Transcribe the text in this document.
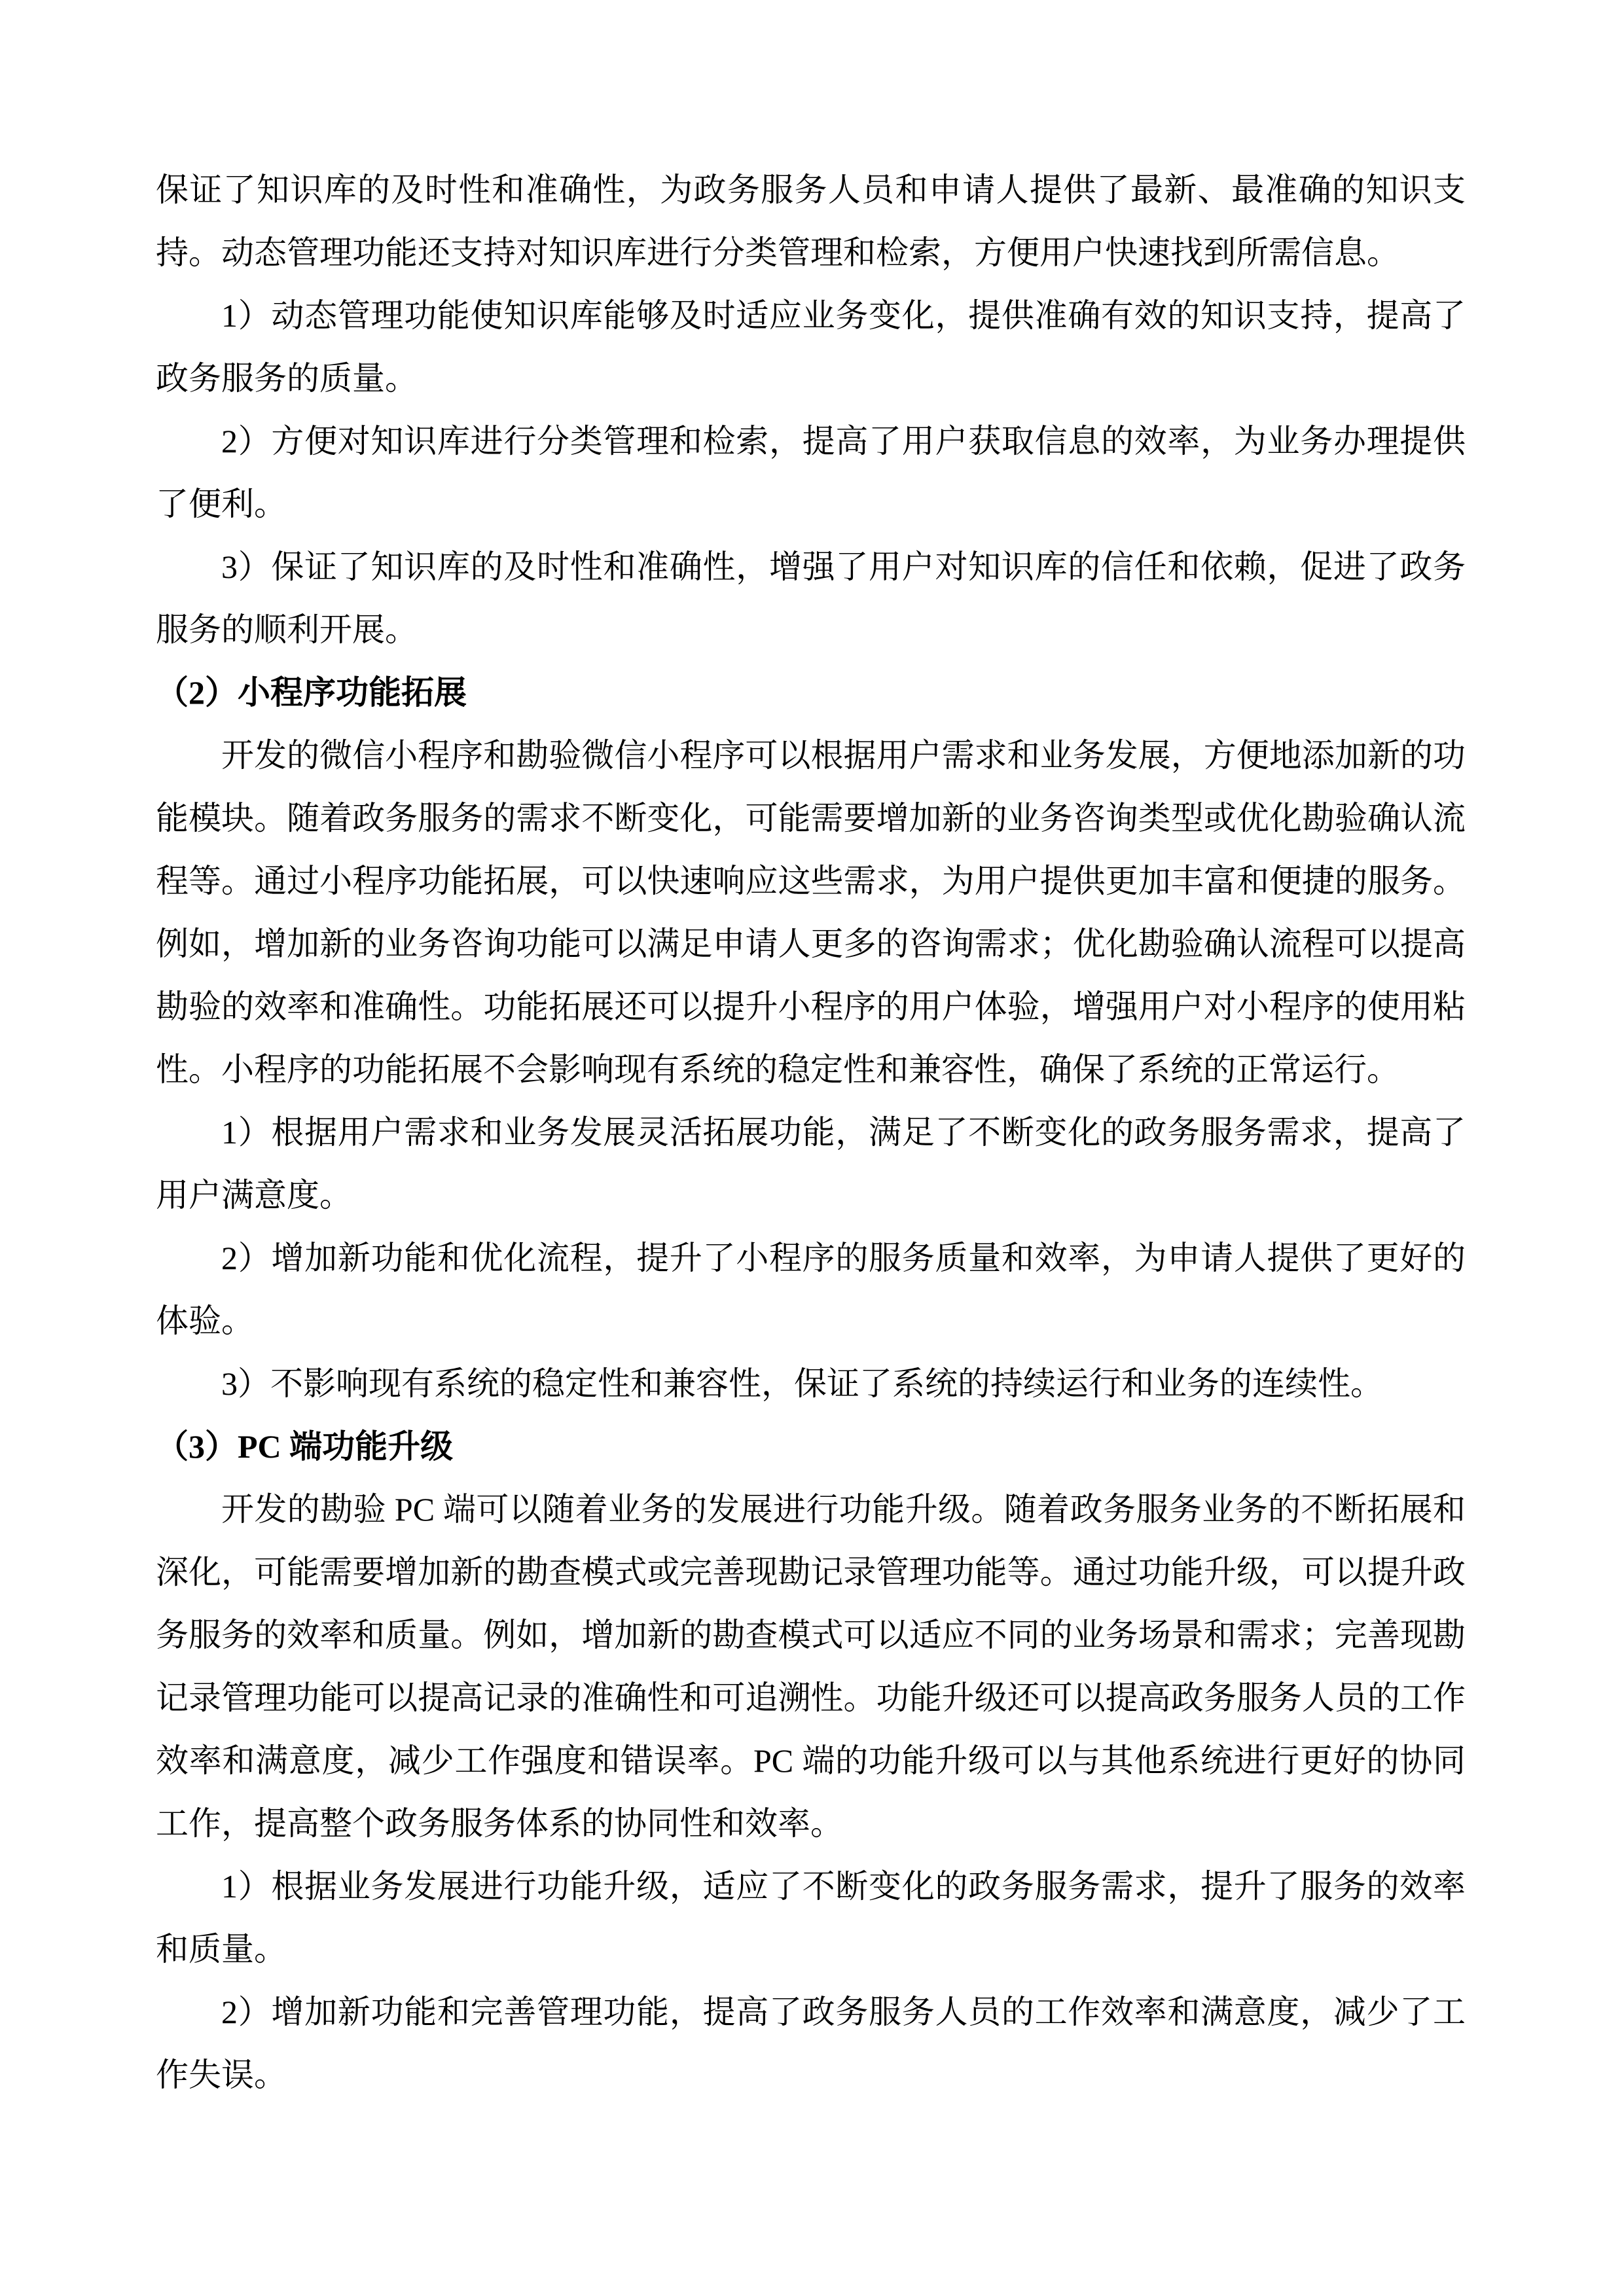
保证了知识库的及时性和准确性，为政务服务人员和申请人提供了最新、最准确的知识支持。动态管理功能还支持对知识库进行分类管理和检索，方便用户快速找到所需信息。

1）动态管理功能使知识库能够及时适应业务变化，提供准确有效的知识支持，提高了政务服务的质量。

2）方便对知识库进行分类管理和检索，提高了用户获取信息的效率，为业务办理提供了便利。

3）保证了知识库的及时性和准确性，增强了用户对知识库的信任和依赖，促进了政务服务的顺利开展。

（2）小程序功能拓展

开发的微信小程序和勘验微信小程序可以根据用户需求和业务发展，方便地添加新的功能模块。随着政务服务的需求不断变化，可能需要增加新的业务咨询类型或优化勘验确认流程等。通过小程序功能拓展，可以快速响应这些需求，为用户提供更加丰富和便捷的服务。例如，增加新的业务咨询功能可以满足申请人更多的咨询需求；优化勘验确认流程可以提高勘验的效率和准确性。功能拓展还可以提升小程序的用户体验，增强用户对小程序的使用粘性。小程序的功能拓展不会影响现有系统的稳定性和兼容性，确保了系统的正常运行。

1）根据用户需求和业务发展灵活拓展功能，满足了不断变化的政务服务需求，提高了用户满意度。

2）增加新功能和优化流程，提升了小程序的服务质量和效率，为申请人提供了更好的体验。

3）不影响现有系统的稳定性和兼容性，保证了系统的持续运行和业务的连续性。

（3）PC 端功能升级

开发的勘验 PC 端可以随着业务的发展进行功能升级。随着政务服务业务的不断拓展和深化，可能需要增加新的勘查模式或完善现勘记录管理功能等。通过功能升级，可以提升政务服务的效率和质量。例如，增加新的勘查模式可以适应不同的业务场景和需求；完善现勘记录管理功能可以提高记录的准确性和可追溯性。功能升级还可以提高政务服务人员的工作效率和满意度，减少工作强度和错误率。PC 端的功能升级可以与其他系统进行更好的协同工作，提高整个政务服务体系的协同性和效率。

1）根据业务发展进行功能升级，适应了不断变化的政务服务需求，提升了服务的效率和质量。

2）增加新功能和完善管理功能，提高了政务服务人员的工作效率和满意度，减少了工作失误。
